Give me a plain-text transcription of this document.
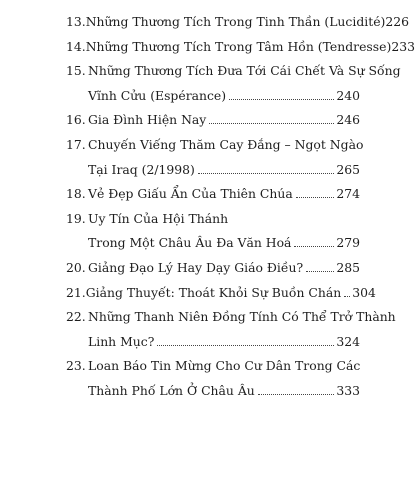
13. Những Thương Tích Trong Tinh Thần (Lucidité) 226
14. Những Thương Tích Trong Tâm Hồn (Tendresse) 233
15. Những Thương Tích Đưa Tới Cái Chết Và Sự Sống
Vĩnh Cửu (Espérance)	240
16. Gia Đình Hiện Nay	246
17. Chuyến Viếng Thăm Cay Đắng – Ngọt Ngào
Tại Iraq (2/1998)	265
18. Vẻ Đẹp Giấu Ẩn Của Thiên Chúa	274
19. Uy Tín Của Hội Thánh
Trong Một Châu Âu Đa Văn Hoá	279
20. Giảng Đạo Lý Hay Dạy Giáo Điều?	285
21. Giảng Thuyết: Thoát Khỏi Sự Buồn Chán 304
22. Những Thanh Niên Đồng Tính Có Thể Trở Thành
Linh Mục?	324
23. Loan Báo Tin Mừng Cho Cư Dân Trong Các
Thành Phố Lớn Ở Châu Âu	333
